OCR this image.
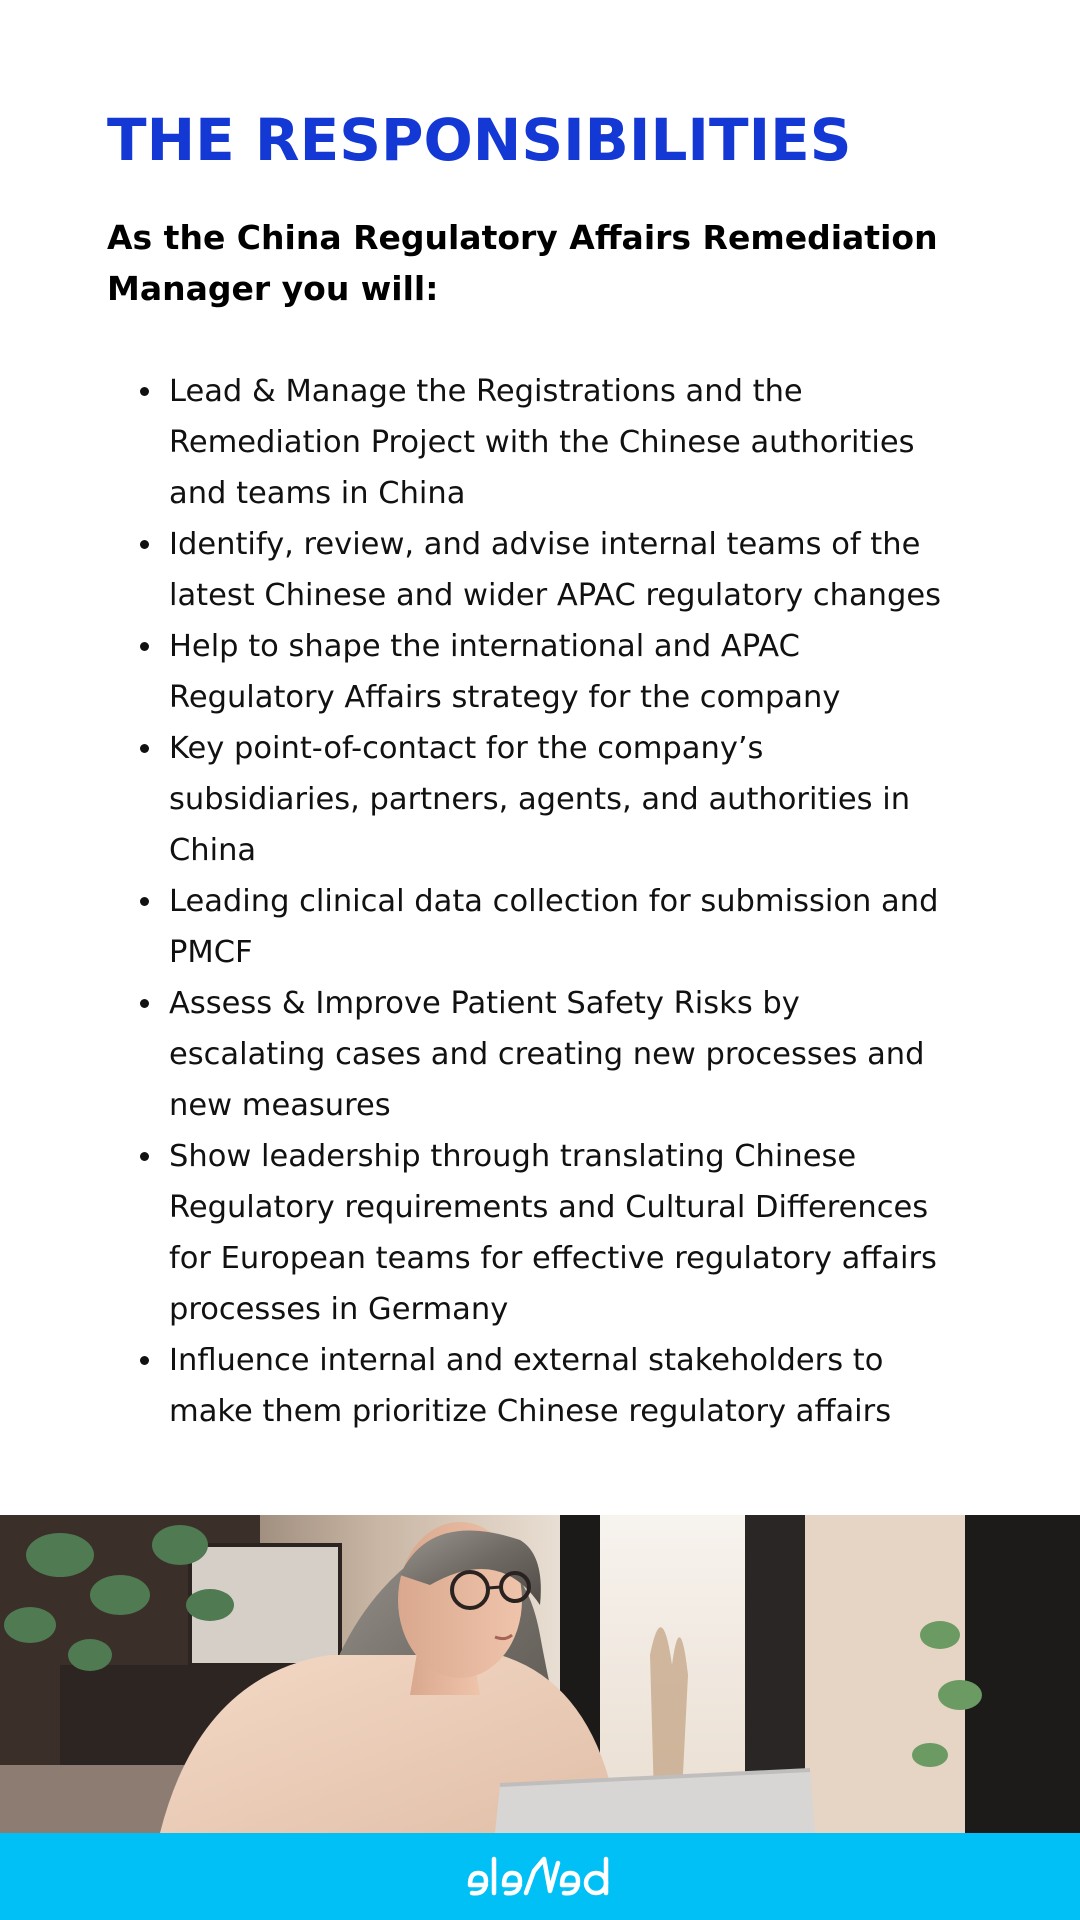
THE RESPONSIBILITIES

As the China Regulatory Affairs Remediation Manager you will:

Lead & Manage the Registrations and the Remediation Project with the Chinese authorities and teams in China
Identify, review, and advise internal teams of the latest Chinese and wider APAC regulatory changes
Help to shape the international and APAC Regulatory Affairs strategy for the company
Key point-of-contact for the company’s subsidiaries, partners, agents, and authorities in China
Leading clinical data collection for submission and PMCF
Assess & Improve Patient Safety Risks by escalating cases and creating new processes and new measures
Show leadership through translating Chinese Regulatory requirements and Cultural Differences for European teams for effective regulatory affairs processes in Germany
Influence internal and external stakeholders to make them prioritize Chinese regulatory affairs
